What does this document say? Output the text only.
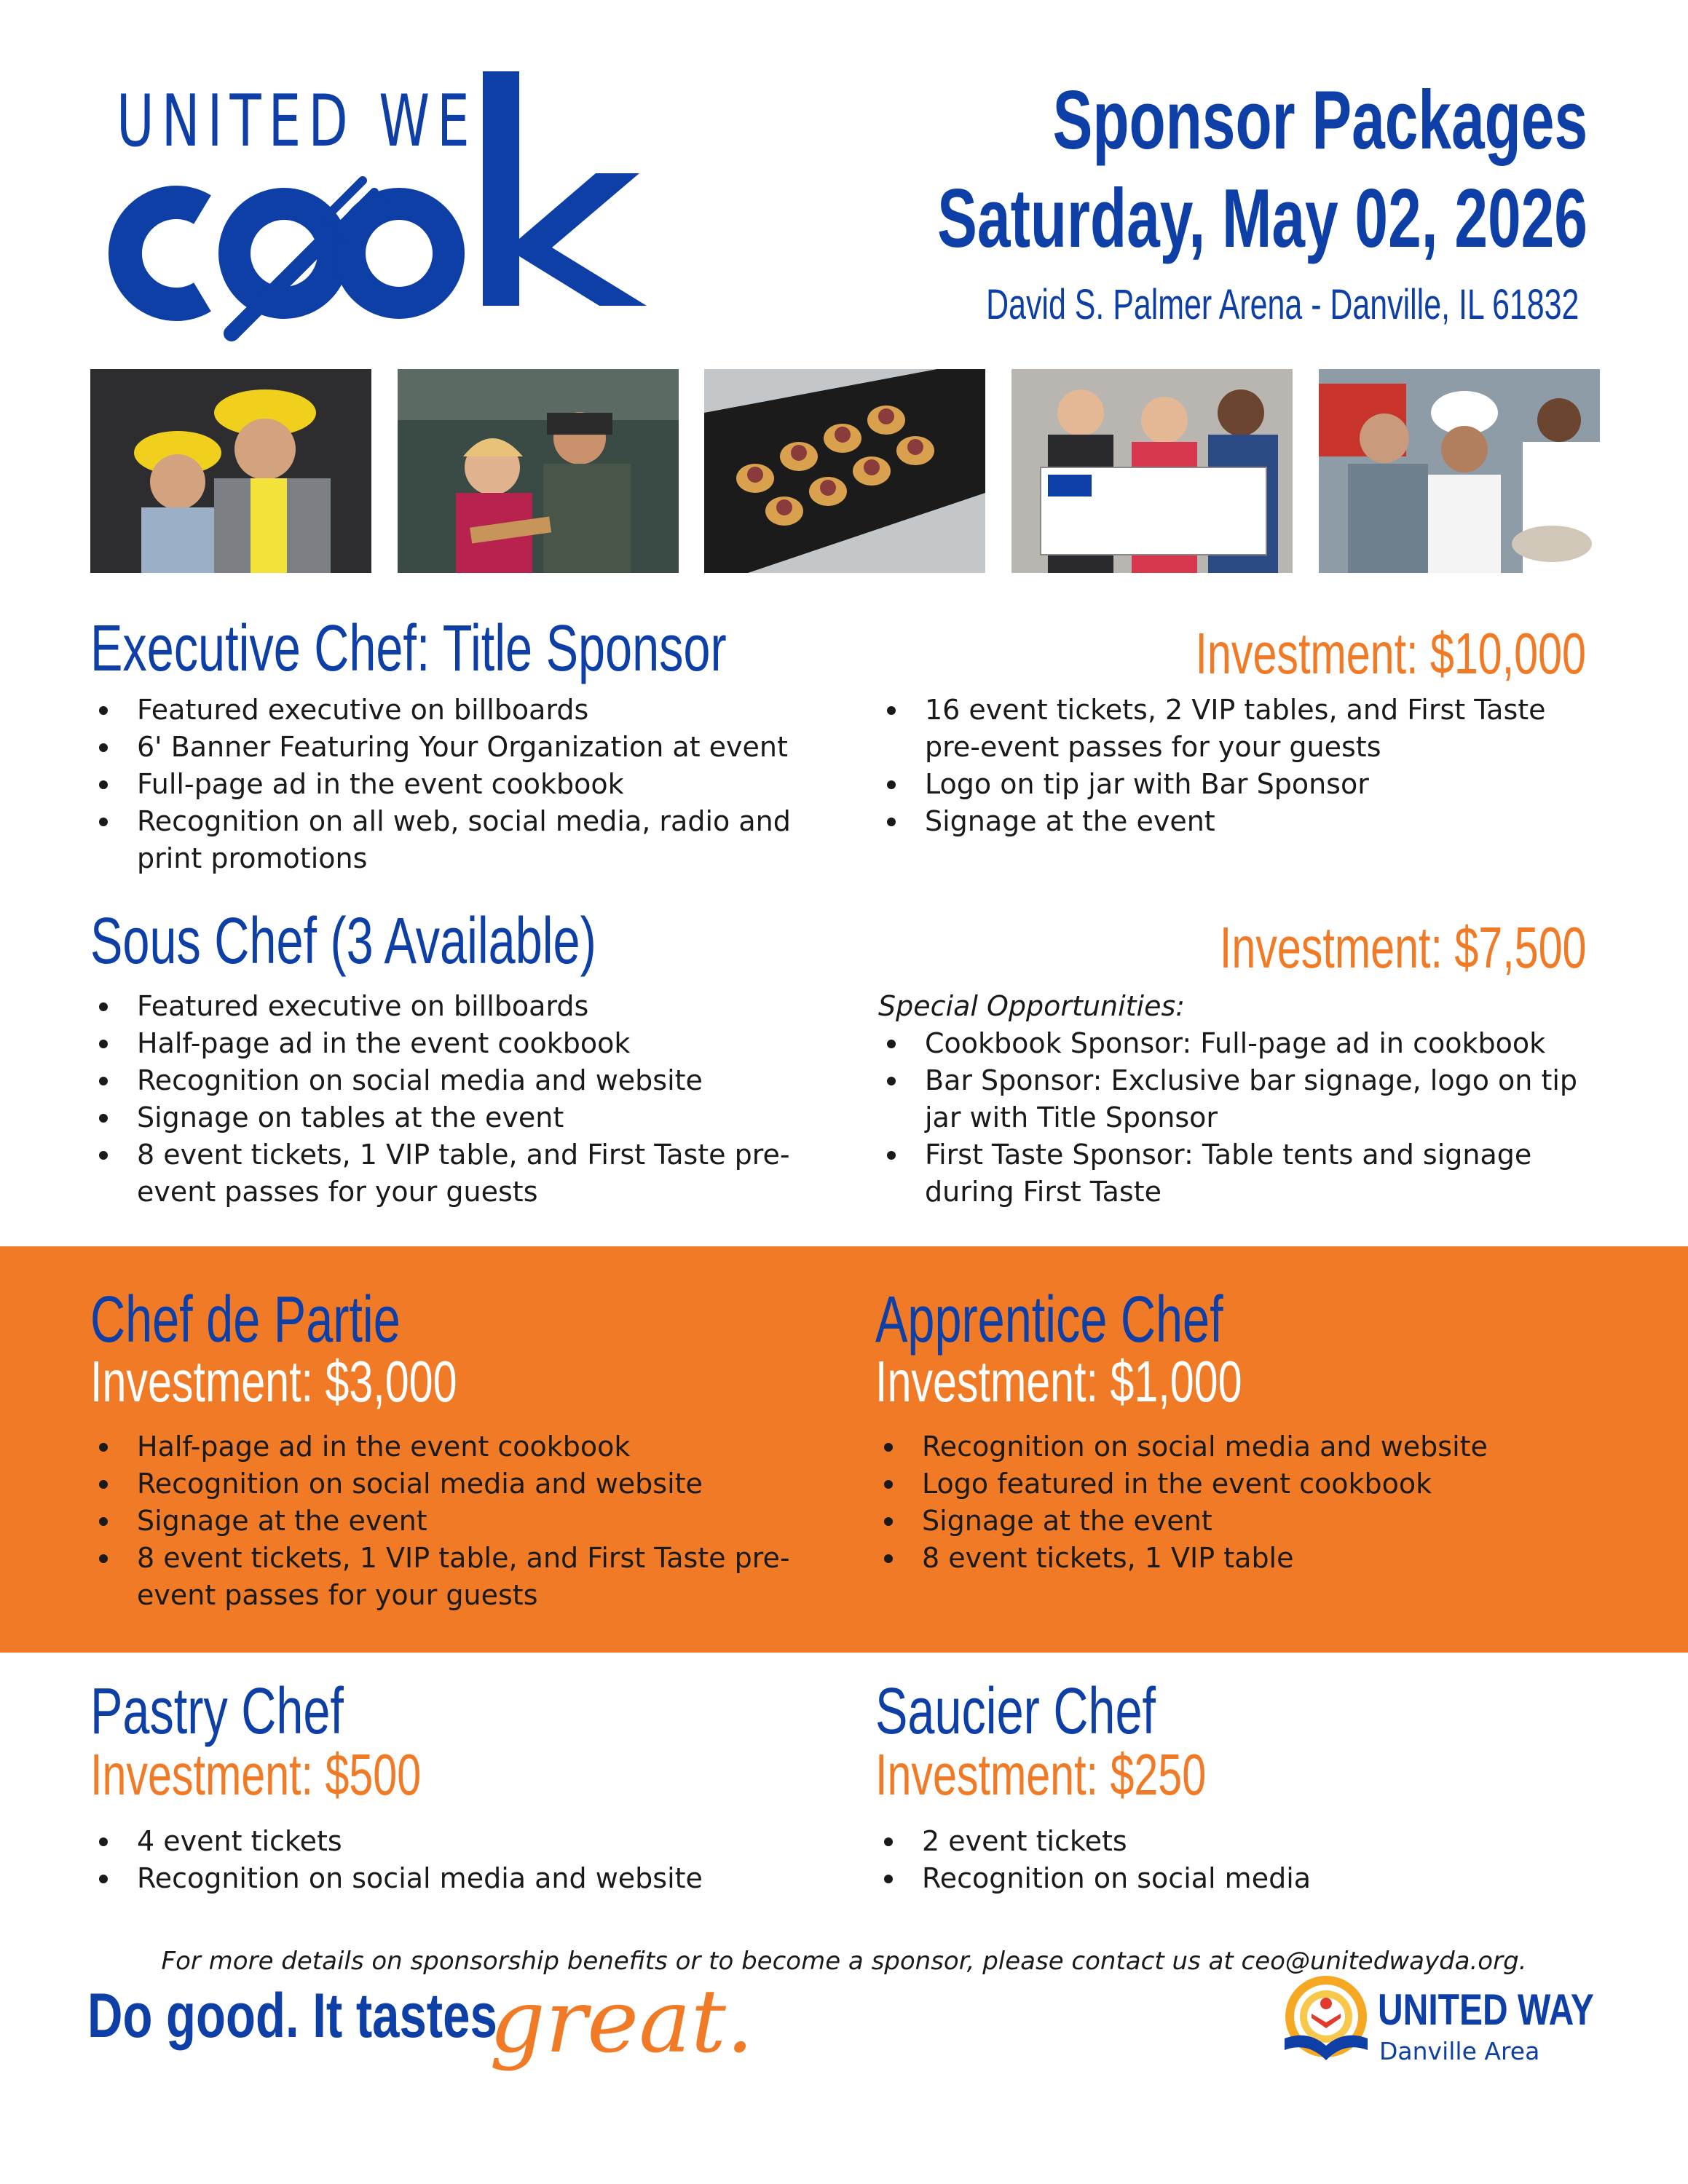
UNITED WE
COOK
Sponsor Packages
Saturday, May 02, 2026
David S. Palmer Arena - Danville, IL 61832
Executive Chef: Title Sponsor	Investment: $10,000
Featured executive on billboards
6' Banner Featuring Your Organization at event
Full-page ad in the event cookbook
Recognition on all web, social media, radio and print promotions
16 event tickets, 2 VIP tables, and First Taste pre-event passes for your guests
Logo on tip jar with Bar Sponsor
Signage at the event
Sous Chef (3 Available)	Investment: $7,500
Featured executive on billboards
Half-page ad in the event cookbook
Recognition on social media and website
Signage on tables at the event
8 event tickets, 1 VIP table, and First Taste pre-event passes for your guests
Special Opportunities:
Cookbook Sponsor: Full-page ad in cookbook
Bar Sponsor: Exclusive bar signage, logo on tip jar with Title Sponsor
First Taste Sponsor: Table tents and signage during First Taste
Chef de Partie
Investment: $3,000
Half-page ad in the event cookbook
Recognition on social media and website
Signage at the event
8 event tickets, 1 VIP table, and First Taste pre-event passes for your guests
Apprentice Chef
Investment: $1,000
Recognition on social media and website
Logo featured in the event cookbook
Signage at the event
8 event tickets, 1 VIP table
Pastry Chef
Investment: $500
4 event tickets
Recognition on social media and website
Saucier Chef
Investment: $250
2 event tickets
Recognition on social media
For more details on sponsorship benefits or to become a sponsor, please contact us at ceo@unitedwayda.org.
Do good. It tastes
great.	UNITED WAY
Danville Area
